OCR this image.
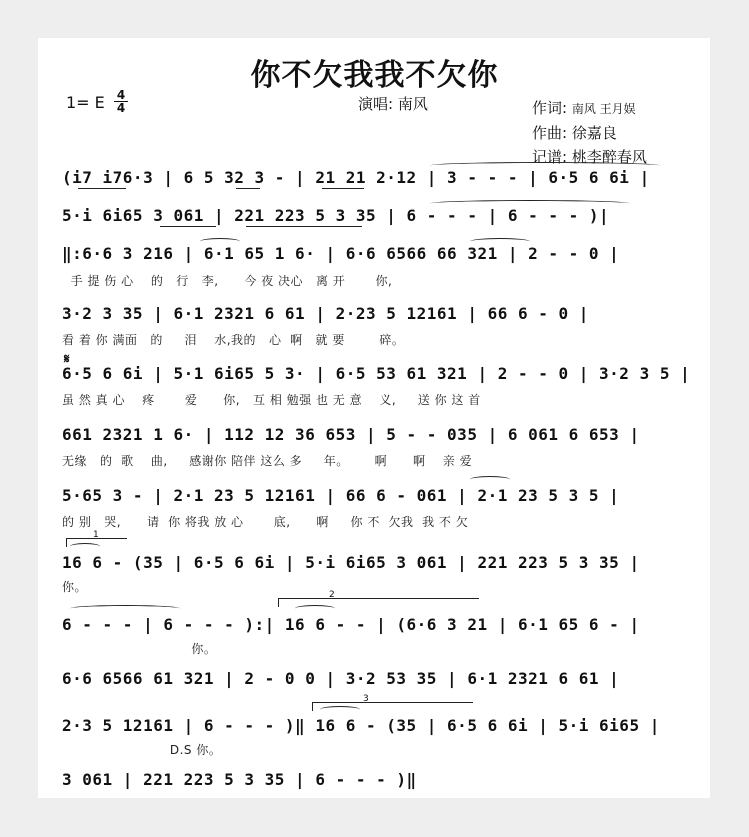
你不欠我我不欠你
1= E 4
4	演唱: 南风	作词: 南风 王月娱
作曲: 徐嘉良
记谱: 桃李醉春风
𝄋
(i7 i76·3 | 6 5 32 3 - | 21 21 2·12 | 3 - - - | 6·5 6 6i |
5·i 6i65 3 061 | 221 223 5 3 35 | 6 - - - | 6 - - - )|
‖:6·6 3 216 | 6·1 65 1 6· | 6·6 6566 66 321 | 2 - - 0 |
手 提 伤 心    的   行   李,      今 夜 决心   离 开       你,
3·2 3 35 | 6·1 2321 6 61 | 2·23 5 12161 | 66 6 - 0 |
看 着 你 满面   的     泪    水,我的   心  啊   就 要        碎。
6·5 6 6i | 5·1 6i65 5 3· | 6·5 53 61 321 | 2 - - 0 | 3·2 3 5 |
虽 然 真 心    疼       爱      你,   互 相 勉强 也 无 意    义,     送 你 这 首
661 2321 1 6· | 112 12 36 653 | 5 - - 035 | 6 061 6 653 |
无缘   的  歌    曲,     感谢你 陪伴 这么 多     年。      啊      啊    亲 爱
5·65 3 - | 2·1 23 5 12161 | 66 6 - 061 | 2·1 23 5 3 5 |
的 别   哭,      请  你 将我 放 心       底,      啊     你 不  欠我  我 不 欠
16 6 - (35 | 6·5 6 6i | 5·i 6i65 3 061 | 221 223 5 3 35 |
你。
6 - - - | 6 - - - ):| 16 6 - - | (6·6 3 21 | 6·1 65 6 - |
你。
6·6 6566 61 321 | 2 - 0 0 | 3·2 53 35 | 6·1 2321 6 61 |
2·3 5 12161 | 6 - - - )‖ 16 6 - (35 | 6·5 6 6i | 5·i 6i65 |
D.S 你。
3 061 | 221 223 5 3 35 | 6 - - - )‖
1
2
3
